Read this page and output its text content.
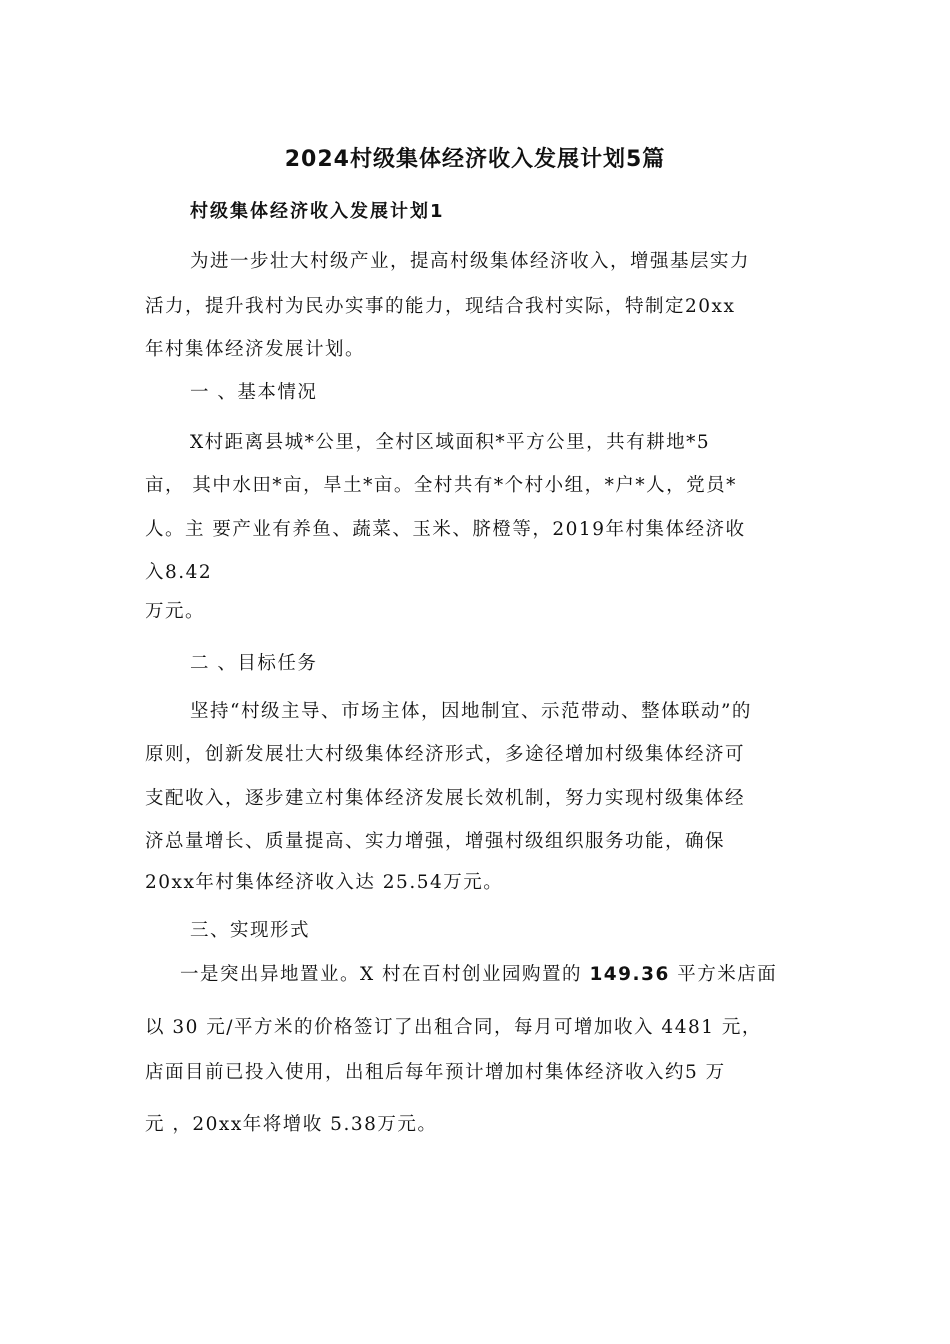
2024村级集体经济收入发展计划5篇
村级集体经济收入发展计划1
为进一步壮大村级产业，提高村级集体经济收入，增强基层实力
活力，提升我村为民办实事的能力，现结合我村实际，特制定20xx
年村集体经济发展计划。
一 、基本情况
X村距离县城*公里，全村区域面积*平方公里，共有耕地*5
亩， 其中水田*亩，旱土*亩。全村共有*个村小组，*户*人，党员*
人。主 要产业有养鱼、蔬菜、玉米、脐橙等，2019年村集体经济收
入8.42
万元。
二 、目标任务
坚持“村级主导、市场主体，因地制宜、示范带动、整体联动”的
原则，创新发展壮大村级集体经济形式，多途径增加村级集体经济可
支配收入，逐步建立村集体经济发展长效机制，努力实现村级集体经
济总量增长、质量提高、实力增强，增强村级组织服务功能，确保
20xx年村集体经济收入达 25.54万元。
三、实现形式
一是突出异地置业。X 村在百村创业园购置的 149.36 平方米店面
以 30 元/平方米的价格签订了出租合同，每月可增加收入 4481 元，
店面目前已投入使用，出租后每年预计增加村集体经济收入约5 万
元 ，20xx年将增收 5.38万元。
